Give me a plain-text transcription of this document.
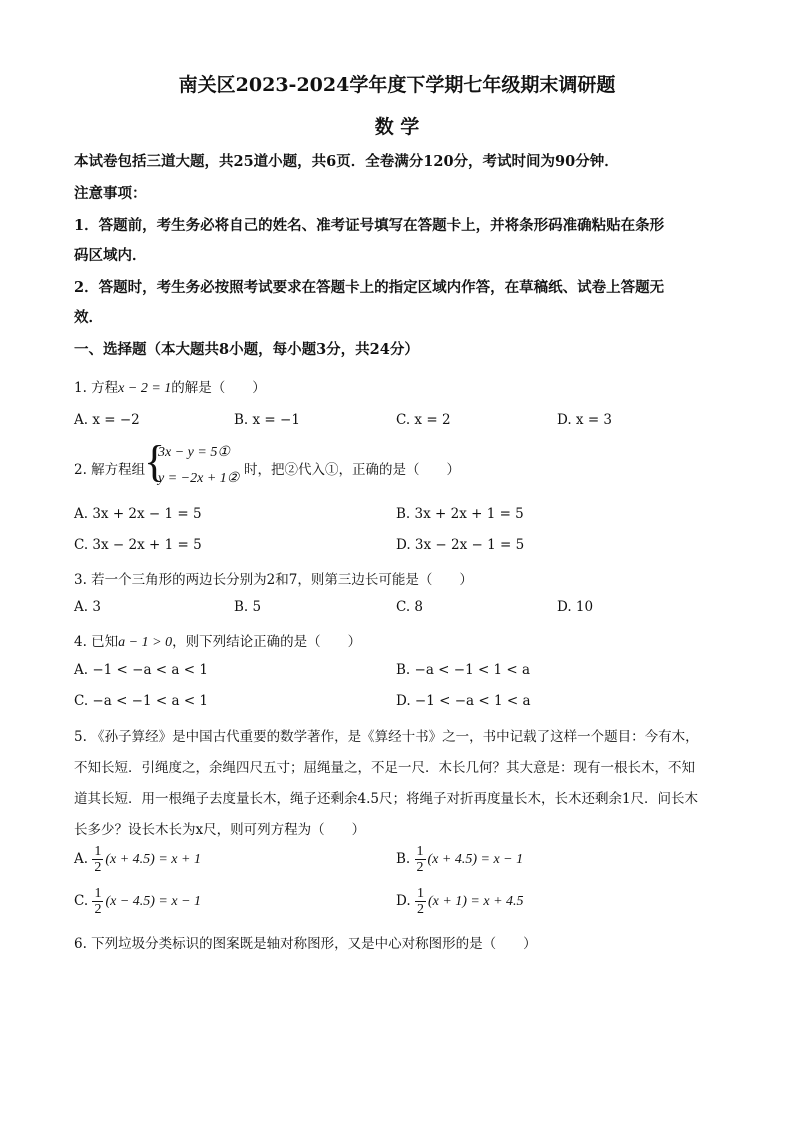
南关区2023-2024学年度下学期七年级期末调研题
数 学
本试卷包括三道大题，共25道小题，共6页．全卷满分120分，考试时间为90分钟．
注意事项：
1．答题前，考生务必将自己的姓名、准考证号填写在答题卡上，并将条形码准确粘贴在条形
码区域内．
2．答题时，考生务必按照考试要求在答题卡上的指定区域内作答，在草稿纸、试卷上答题无
效．
一、选择题（本大题共8小题，每小题3分，共24分）
1. 方程x − 2 = 1的解是（　　）
A. x = −2	B. x = −1	C. x = 2	D. x = 3
2. 解方程组
{
3x − y = 5①
y = −2x + 1②
时，把②代入①，正确的是（　　）
A. 3x + 2x − 1 = 5	B. 3x + 2x + 1 = 5
C. 3x − 2x + 1 = 5	D. 3x − 2x − 1 = 5
3. 若一个三角形的两边长分别为2和7，则第三边长可能是（　　）
A. 3	B. 5	C. 8	D. 10
4. 已知a − 1 > 0，则下列结论正确的是（　　）
A. −1 < −a < a < 1	B. −a < −1 < 1 < a
C. −a < −1 < a < 1	D. −1 < −a < 1 < a
5. 《孙子算经》是中国古代重要的数学著作，是《算经十书》之一，书中记载了这样一个题目：今有木，
不知长短．引绳度之，余绳四尺五寸；屈绳量之，不足一尺．木长几何？其大意是：现有一根长木，不知
道其长短．用一根绳子去度量长木，绳子还剩余4.5尺；将绳子对折再度量长木，长木还剩余1尺．问长木
长多少？设长木长为x尺，则可列方程为（　　）
A. $\frac{1}{2} (x + 4.5) = x + 1$	B. $\frac{1}{2} (x + 4.5) = x - 1$
C. $\frac{1}{2} (x - 4.5) = x - 1$	D. $\frac{1}{2} (x + 1) = x + 4.5$
6. 下列垃圾分类标识的图案既是轴对称图形，又是中心对称图形的是（　　）
